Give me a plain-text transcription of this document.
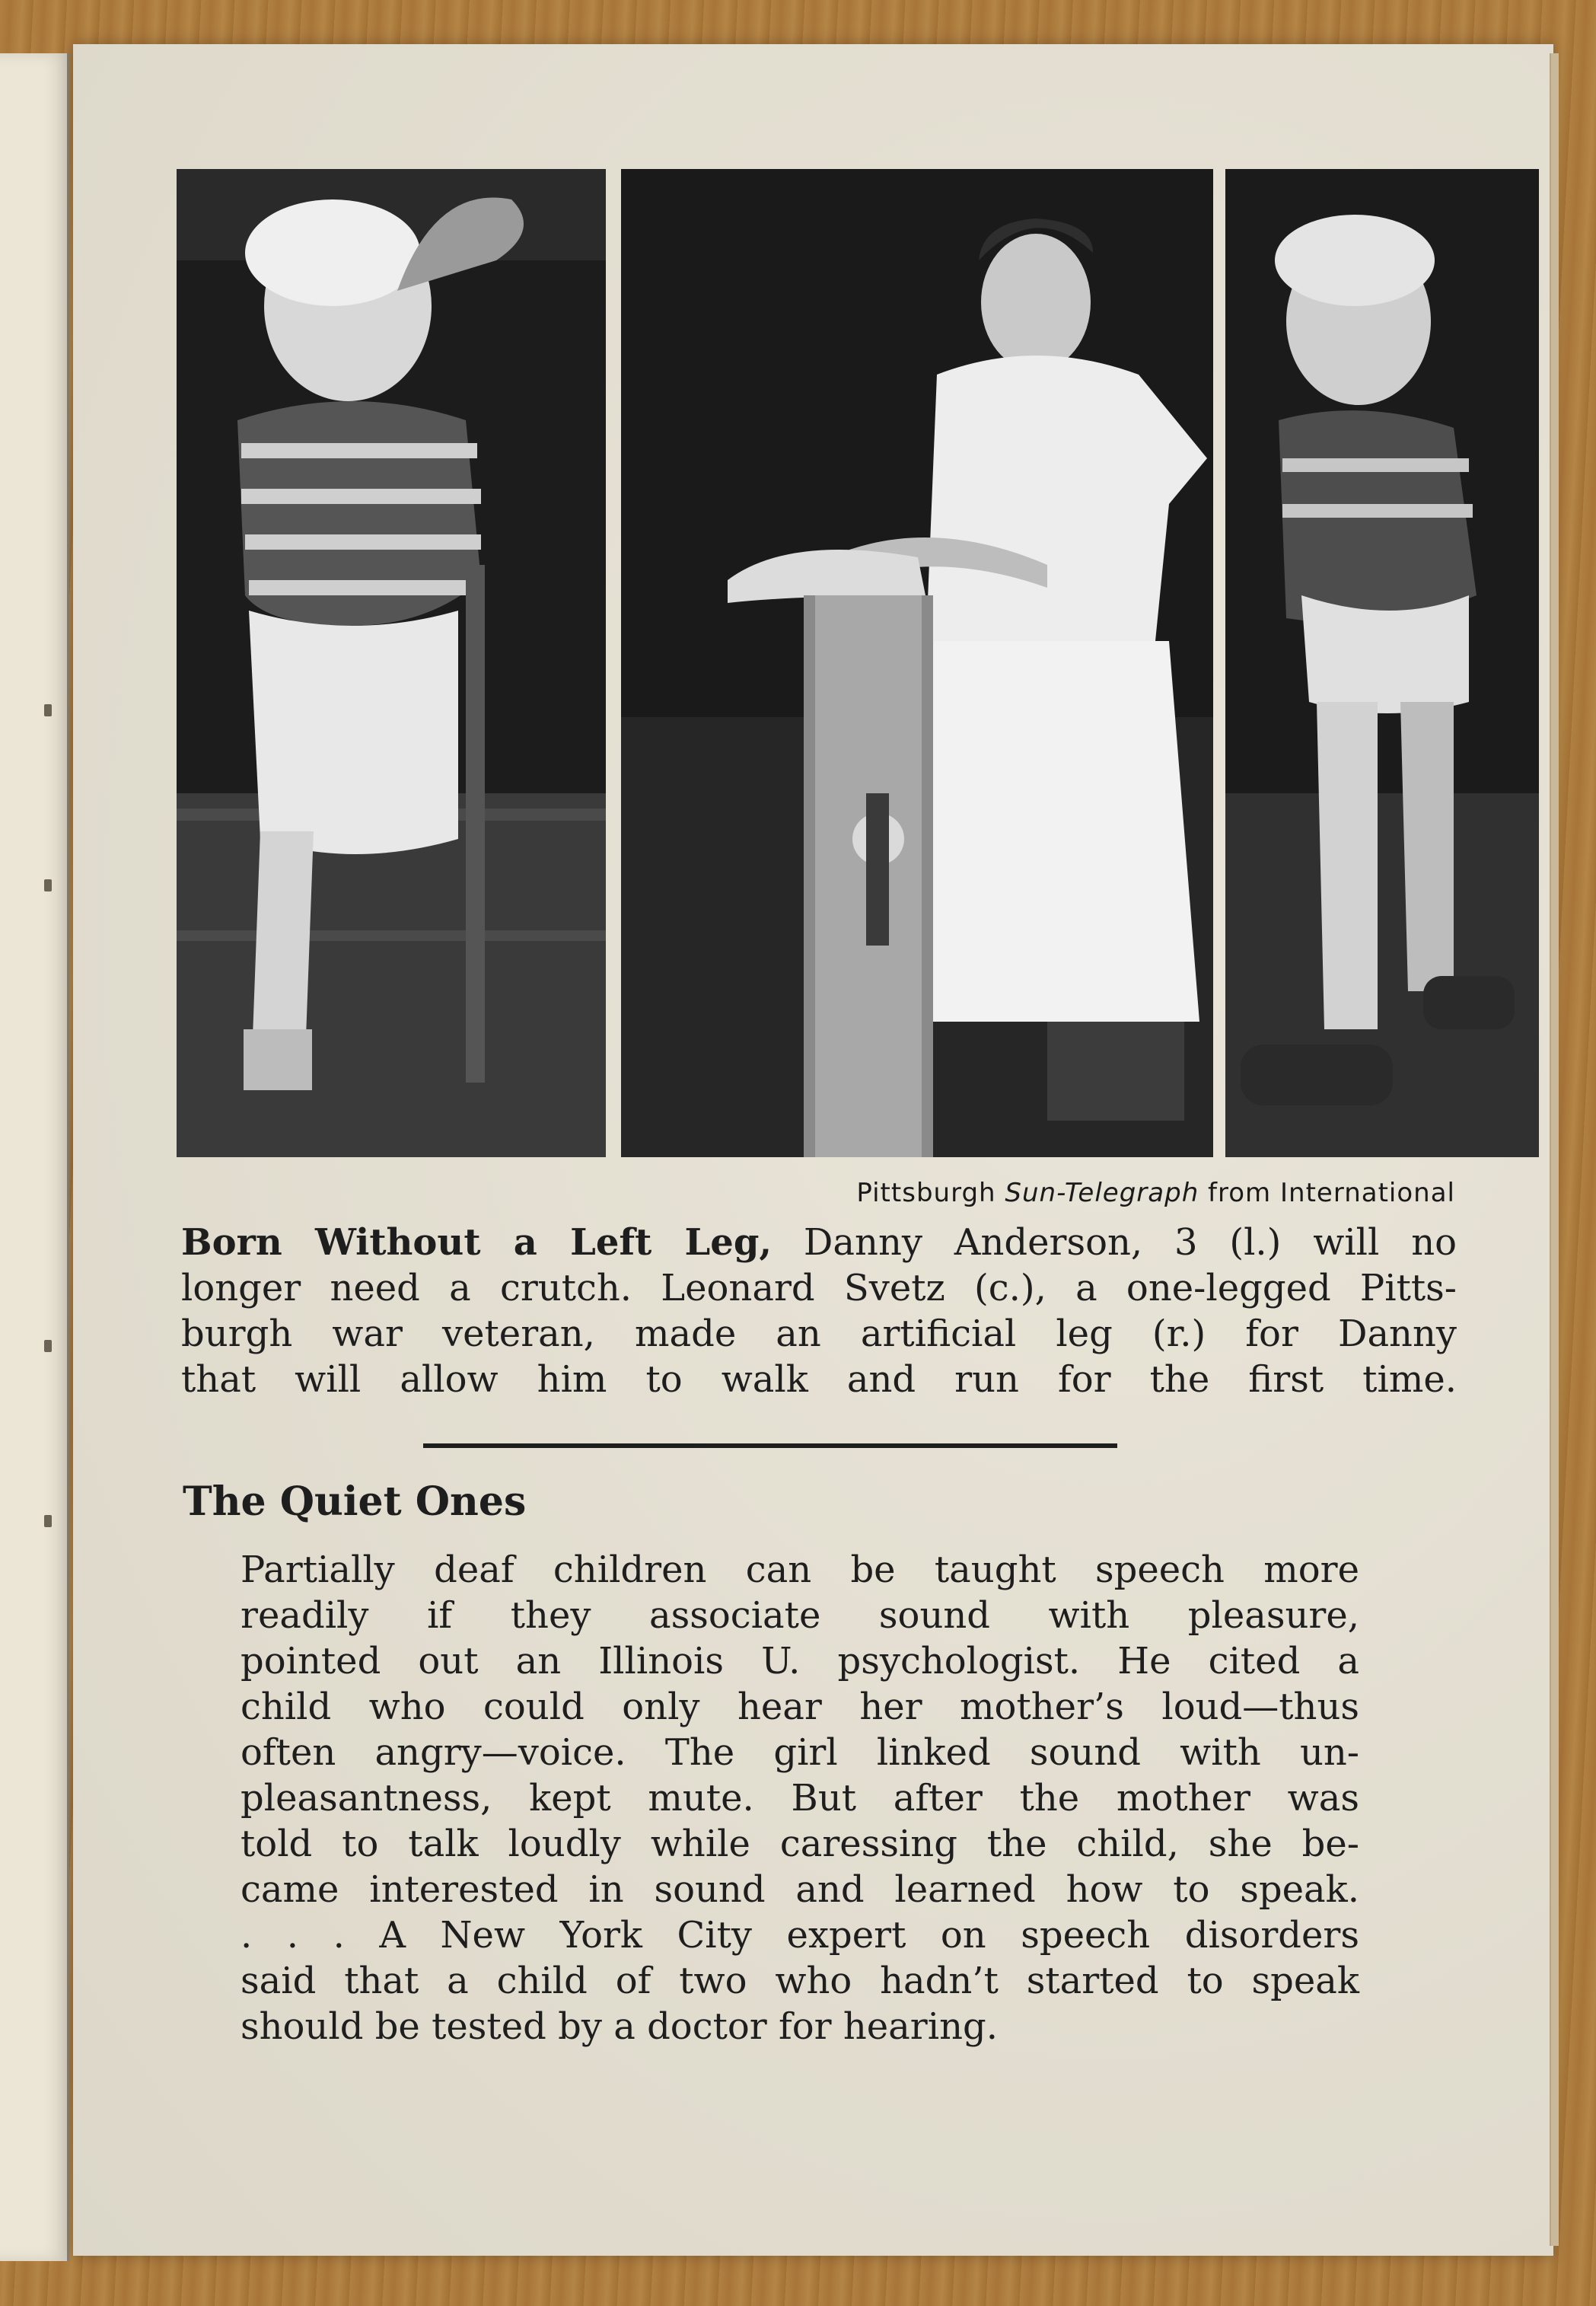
Pittsburgh Sun-Telegraph from International
Born Without a Left Leg, Danny Anderson, 3 (l.) will no
longer need a crutch. Leonard Svetz (c.), a one-legged Pitts-
burgh war veteran, made an artificial leg (r.) for Danny
that will allow him to walk and run for the first time.
The Quiet Ones
Partially deaf children can be taught speech more
readily if they associate sound with pleasure,
pointed out an Illinois U. psychologist. He cited a
child who could only hear her mother’s loud—thus
often angry—voice. The girl linked sound with un-
pleasantness, kept mute. But after the mother was
told to talk loudly while caressing the child, she be-
came interested in sound and learned how to speak.
. . . A New York City expert on speech disorders
said that a child of two who hadn’t started to speak
should be tested by a doctor for hearing.
